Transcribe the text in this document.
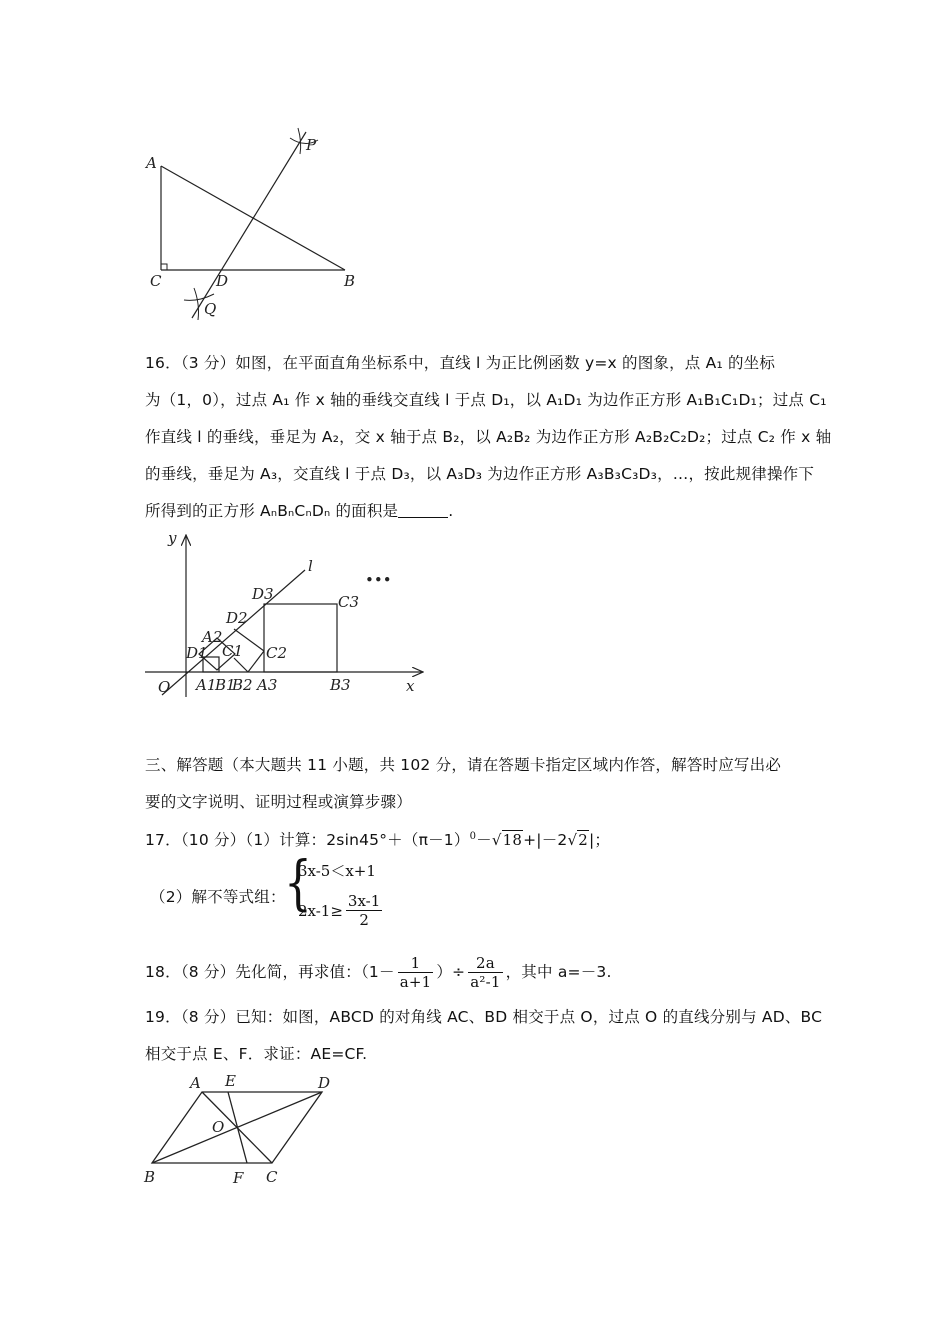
A
C	D	B
P
Q
16．（3 分）如图，在平面直角坐标系中，直线 l 为正比例函数 y=x 的图象，点 A₁ 的坐标
为（1，0），过点 A₁ 作 x 轴的垂线交直线 l 于点 D₁，以 A₁D₁ 为边作正方形 A₁B₁C₁D₁；过点 C₁
作直线 l 的垂线，垂足为 A₂，交 x 轴于点 B₂，以 A₂B₂ 为边作正方形 A₂B₂C₂D₂；过点 C₂ 作 x 轴
的垂线，垂足为 A₃，交直线 l 于点 D₃，以 A₃D₃ 为边作正方形 A₃B₃C₃D₃，…，按此规律操作下
所得到的正方形 AₙBₙCₙDₙ 的面积是	.
y
x
l
O
•••
D1
A2
C1
D2
C2
D3	C3
A1
B1
B2 A3	B3
三、解答题（本大题共 11 小题，共 102 分，请在答题卡指定区域内作答，解答时应写出必
要的文字说明、证明过程或演算步骤）
17．（10 分）（1）计算：$2\sin 45^\circ+(\pi-1)^0-√18+|-2√2|$；
（2）解不等式组：
{
3x-5＜x+1
$2x-1\ge \frac{3x-1}{2}$
18．（8 分）先化简，再求值：（$1- \frac{1}{a+1}$ ）÷ $\frac{2a}{\text{a²-1}}$ ，其中 a=－3.
19．（8 分）已知：如图，ABCD 的对角线 AC、BD 相交于点 O，过点 O 的直线分别与 AD、BC
相交于点 E、F．求证：AE=CF.
A E	D
O
B	F C
